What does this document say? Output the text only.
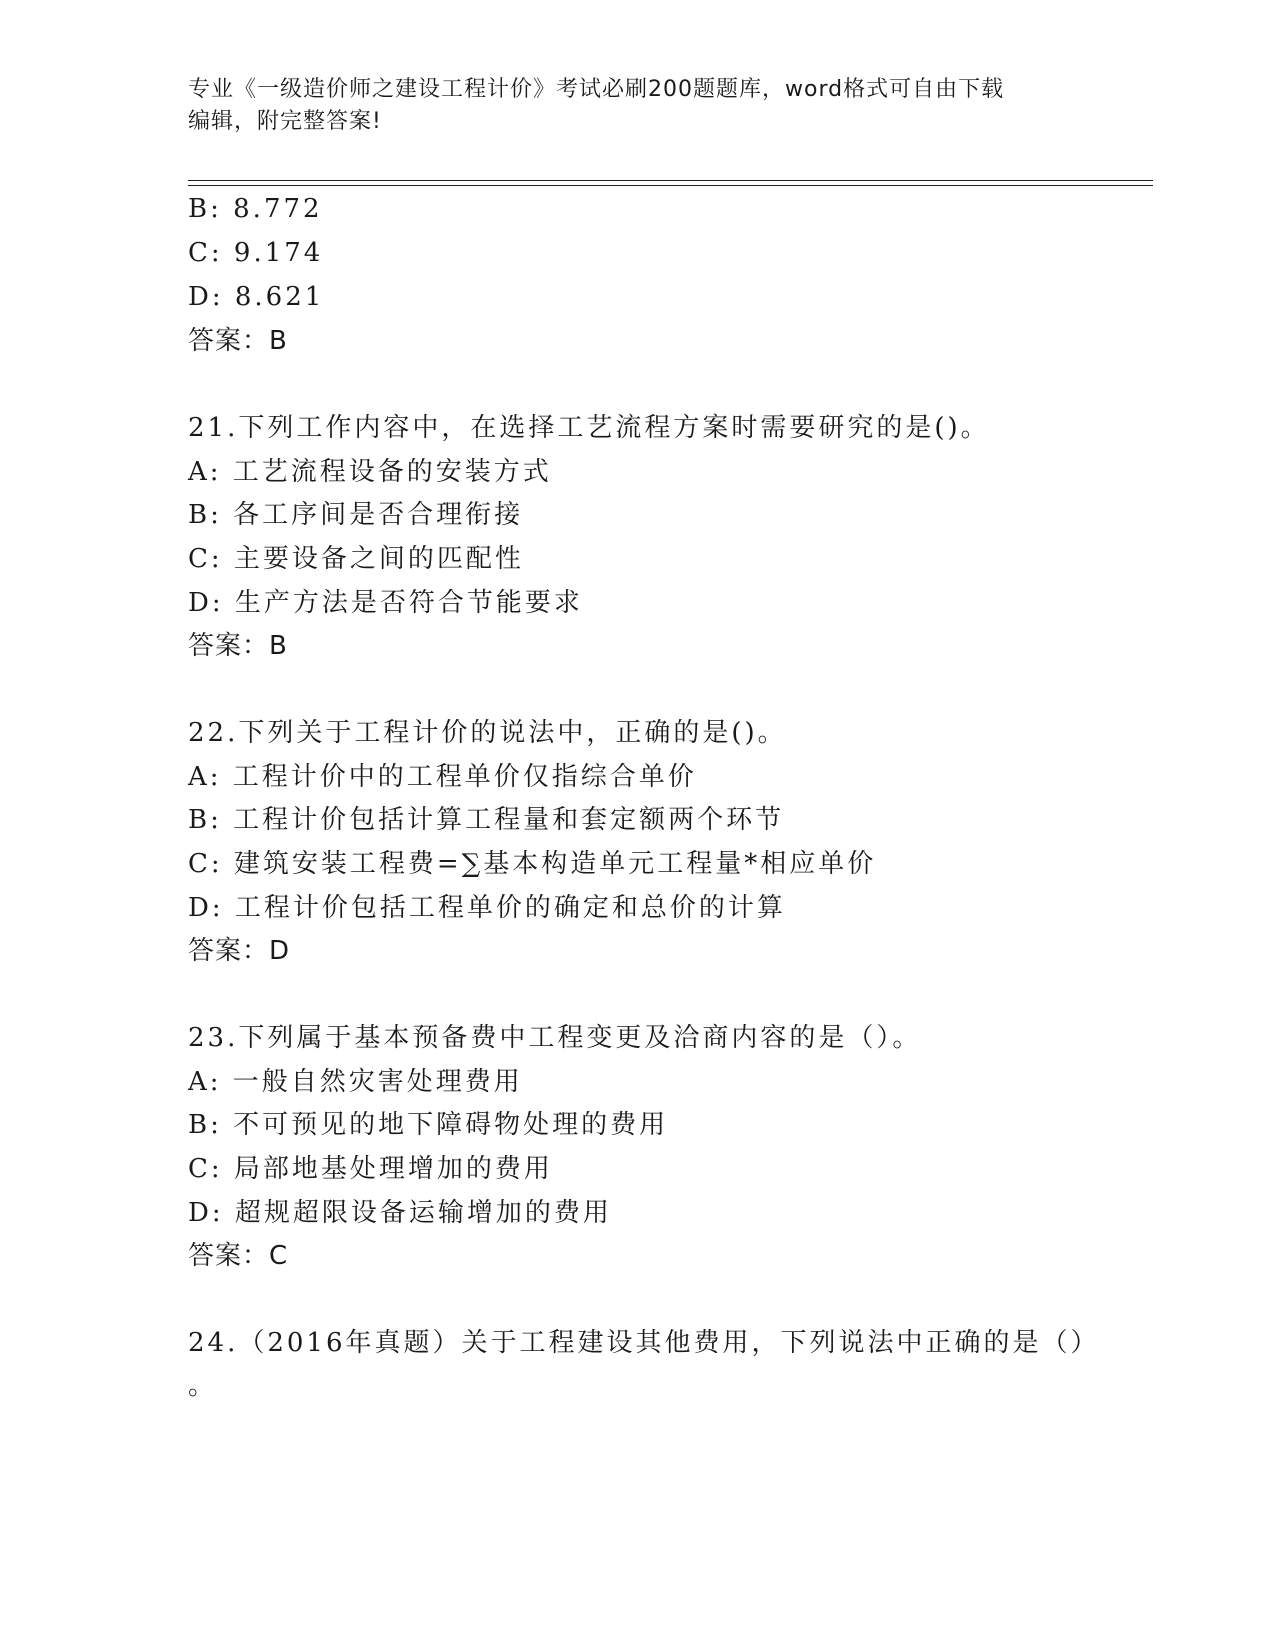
专业《一级造价师之建设工程计价》考试必刷200题题库，word格式可自由下载
编辑，附完整答案!
B: 8.772
C: 9.174
D: 8.621
答案：B
21.下列工作内容中，在选择工艺流程方案时需要研究的是()。
A: 工艺流程设备的安装方式
B: 各工序间是否合理衔接
C: 主要设备之间的匹配性
D: 生产方法是否符合节能要求
答案：B
22.下列关于工程计价的说法中，正确的是()。
A: 工程计价中的工程单价仅指综合单价
B: 工程计价包括计算工程量和套定额两个环节
C: 建筑安装工程费=∑基本构造单元工程量*相应单价
D: 工程计价包括工程单价的确定和总价的计算
答案：D
23.下列属于基本预备费中工程变更及洽商内容的是（）。
A: 一般自然灾害处理费用
B: 不可预见的地下障碍物处理的费用
C: 局部地基处理增加的费用
D: 超规超限设备运输增加的费用
答案：C
24.（2016年真题）关于工程建设其他费用，下列说法中正确的是（）
。
